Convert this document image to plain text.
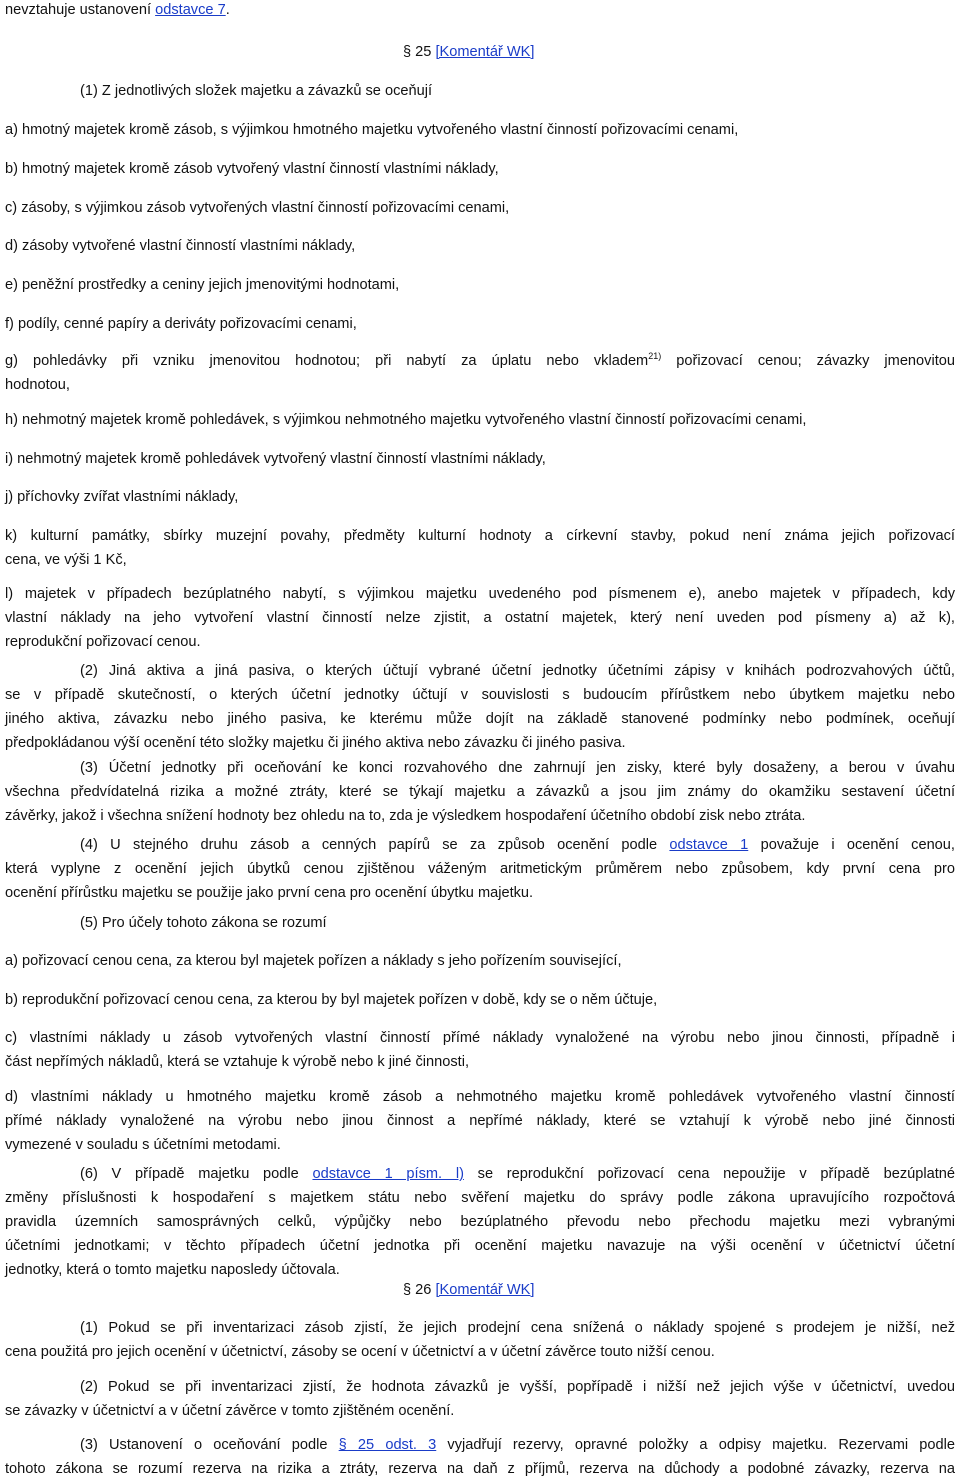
nevztahuje ustanovení odstavce 7.
§ 25 [Komentář WK]
(1) Z jednotlivých složek majetku a závazků se oceňují
a) hmotný majetek kromě zásob, s výjimkou hmotného majetku vytvořeného vlastní činností pořizovacími cenami,
b) hmotný majetek kromě zásob vytvořený vlastní činností vlastními náklady,
c) zásoby, s výjimkou zásob vytvořených vlastní činností pořizovacími cenami,
d) zásoby vytvořené vlastní činností vlastními náklady,
e) peněžní prostředky a ceniny jejich jmenovitými hodnotami,
f) podíly, cenné papíry a deriváty pořizovacími cenami,
g) pohledávky při vzniku jmenovitou hodnotou; při nabytí za úplatu nebo vkladem$^{21)}$ pořizovací cenou; závazky jmenovitou
hodnotou,
h) nehmotný majetek kromě pohledávek, s výjimkou nehmotného majetku vytvořeného vlastní činností pořizovacími cenami,
i) nehmotný majetek kromě pohledávek vytvořený vlastní činností vlastními náklady,
j) příchovky zvířat vlastními náklady,
k) kulturní památky, sbírky muzejní povahy, předměty kulturní hodnoty a církevní stavby, pokud není známa jejich pořizovací
cena, ve výši 1 Kč,
l) majetek v případech bezúplatného nabytí, s výjimkou majetku uvedeného pod písmenem e), anebo majetek v případech, kdy
vlastní náklady na jeho vytvoření vlastní činností nelze zjistit, a ostatní majetek, který není uveden pod písmeny a) až k),
reprodukční pořizovací cenou.
(2) Jiná aktiva a jiná pasiva, o kterých účtují vybrané účetní jednotky účetními zápisy v knihách podrozvahových účtů,
se v případě skutečností, o kterých účetní jednotky účtují v souvislosti s budoucím přírůstkem nebo úbytkem majetku nebo
jiného aktiva, závazku nebo jiného pasiva, ke kterému může dojít na základě stanovené podmínky nebo podmínek, oceňují
předpokládanou výší ocenění této složky majetku či jiného aktiva nebo závazku či jiného pasiva.
(3) Účetní jednotky při oceňování ke konci rozvahového dne zahrnují jen zisky, které byly dosaženy, a berou v úvahu
všechna předvídatelná rizika a možné ztráty, které se týkají majetku a závazků a jsou jim známy do okamžiku sestavení účetní
závěrky, jakož i všechna snížení hodnoty bez ohledu na to, zda je výsledkem hospodaření účetního období zisk nebo ztráta.
(4) U stejného druhu zásob a cenných papírů se za způsob ocenění podle odstavce 1 považuje i ocenění cenou,
která vyplyne z ocenění jejich úbytků cenou zjištěnou váženým aritmetickým průměrem nebo způsobem, kdy první cena pro
ocenění přírůstku majetku se použije jako první cena pro ocenění úbytku majetku.
(5) Pro účely tohoto zákona se rozumí
a) pořizovací cenou cena, za kterou byl majetek pořízen a náklady s jeho pořízením související,
b) reprodukční pořizovací cenou cena, za kterou by byl majetek pořízen v době, kdy se o něm účtuje,
c) vlastními náklady u zásob vytvořených vlastní činností přímé náklady vynaložené na výrobu nebo jinou činnosti, případně i
část nepřímých nákladů, která se vztahuje k výrobě nebo k jiné činnosti,
d) vlastními náklady u hmotného majetku kromě zásob a nehmotného majetku kromě pohledávek vytvořeného vlastní činností
přímé náklady vynaložené na výrobu nebo jinou činnost a nepřímé náklady, které se vztahují k výrobě nebo jiné činnosti
vymezené v souladu s účetními metodami.
(6) V případě majetku podle odstavce 1 písm. l) se reprodukční pořizovací cena nepoužije v případě bezúplatné
změny příslušnosti k hospodaření s majetkem státu nebo svěření majetku do správy podle zákona upravujícího rozpočtová
pravidla územních samosprávných celků, výpůjčky nebo bezúplatného převodu nebo přechodu majetku mezi vybranými
účetními jednotkami; v těchto případech účetní jednotka při ocenění majetku navazuje na výši ocenění v účetnictví účetní
jednotky, která o tomto majetku naposledy účtovala.
§ 26 [Komentář WK]
(1) Pokud se při inventarizaci zásob zjistí, že jejich prodejní cena snížená o náklady spojené s prodejem je nižší, než
cena použitá pro jejich ocenění v účetnictví, zásoby se ocení v účetnictví a v účetní závěrce touto nižší cenou.
(2) Pokud se při inventarizaci zjistí, že hodnota závazků je vyšší, popřípadě i nižší než jejich výše v účetnictví, uvedou
se závazky v účetnictví a v účetní závěrce v tomto zjištěném ocenění.
(3) Ustanovení o oceňování podle § 25 odst. 3 vyjadřují rezervy, opravné položky a odpisy majetku. Rezervami podle
tohoto zákona se rozumí rezerva na rizika a ztráty, rezerva na daň z příjmů, rezerva na důchody a podobné závazky, rezerva na
